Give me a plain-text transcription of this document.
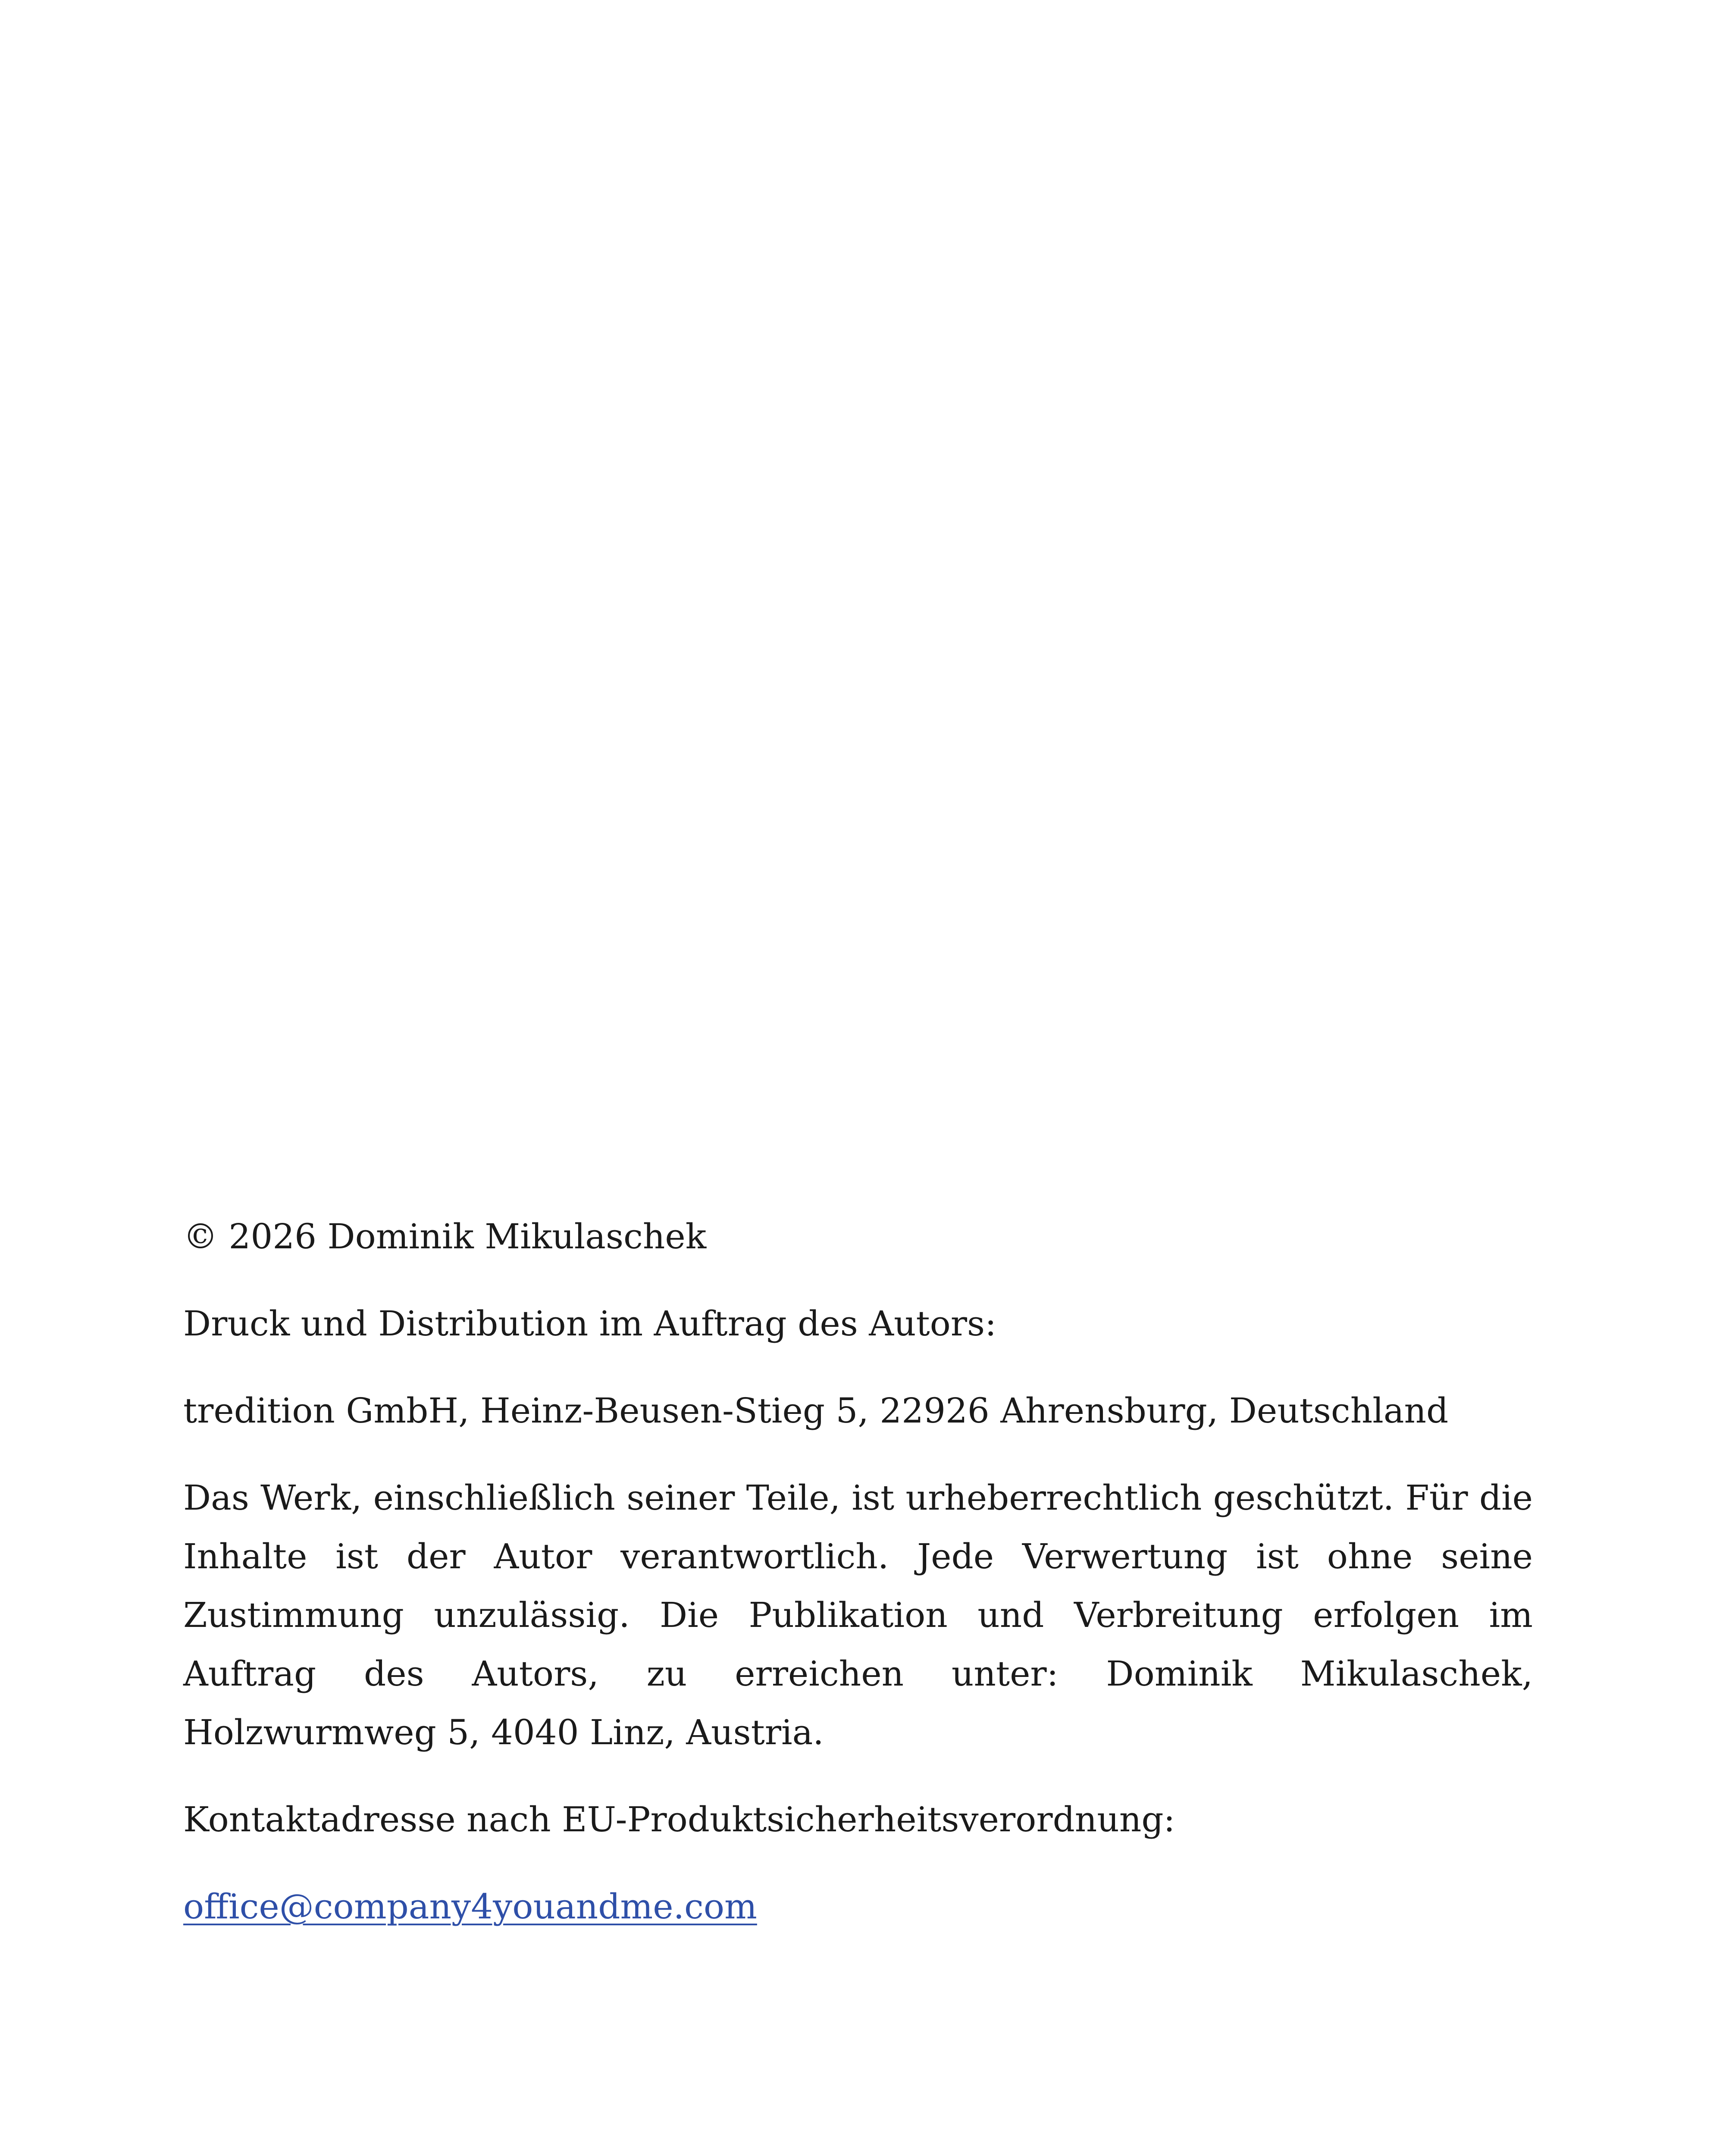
© 2026 Dominik Mikulaschek

Druck und Distribution im Auftrag des Autors:

tredition GmbH, Heinz-Beusen-Stieg 5, 22926 Ahrensburg, Deutschland

Das Werk, einschließlich seiner Teile, ist urheberrechtlich geschützt. Für die Inhalte ist der Autor verantwortlich. Jede Verwertung ist ohne seine Zustimmung unzulässig. Die Publikation und Verbreitung erfolgen im Auftrag des Autors, zu erreichen unter: Dominik Mikulaschek, Holzwurmweg 5, 4040 Linz, Austria.

Kontaktadresse nach EU-Produktsicherheitsverordnung:

office@company4youandme.com
